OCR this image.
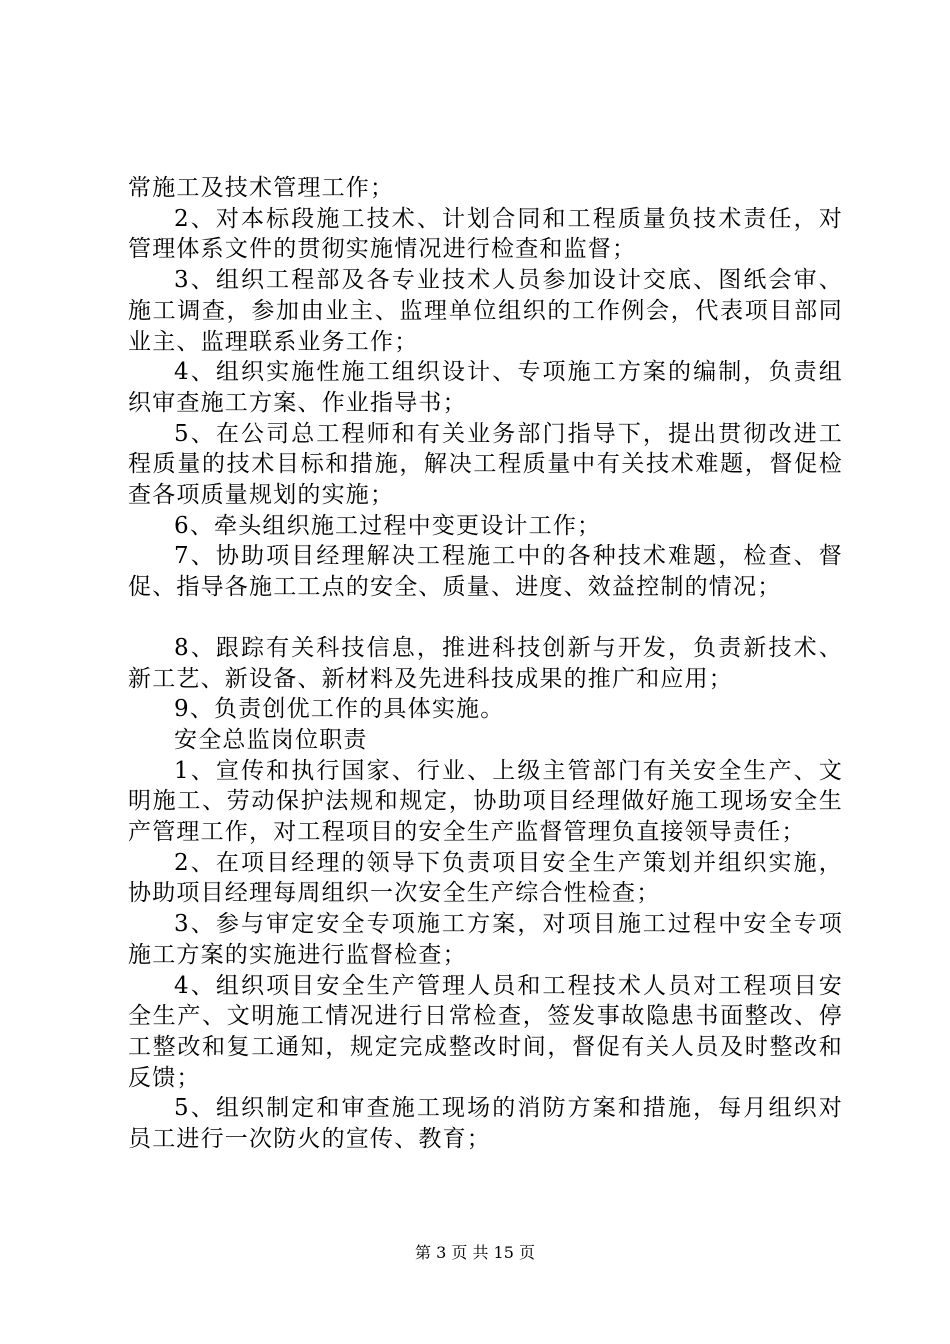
常施工及技术管理工作；

2、对本标段施工技术、计划合同和工程质量负技术责任，对管理体系文件的贯彻实施情况进行检查和监督；

3、组织工程部及各专业技术人员参加设计交底、图纸会审、施工调查，参加由业主、监理单位组织的工作例会，代表项目部同业主、监理联系业务工作；

4、组织实施性施工组织设计、专项施工方案的编制，负责组织审查施工方案、作业指导书；

5、在公司总工程师和有关业务部门指导下，提出贯彻改进工程质量的技术目标和措施，解决工程质量中有关技术难题，督促检查各项质量规划的实施；

6、牵头组织施工过程中变更设计工作；

7、协助项目经理解决工程施工中的各种技术难题，检查、督促、指导各施工工点的安全、质量、进度、效益控制的情况；

8、跟踪有关科技信息，推进科技创新与开发，负责新技术、新工艺、新设备、新材料及先进科技成果的推广和应用；

9、负责创优工作的具体实施。

安全总监岗位职责

1、宣传和执行国家、行业、上级主管部门有关安全生产、文明施工、劳动保护法规和规定，协助项目经理做好施工现场安全生产管理工作，对工程项目的安全生产监督管理负直接领导责任；

2、在项目经理的领导下负责项目安全生产策划并组织实施，协助项目经理每周组织一次安全生产综合性检查；

3、参与审定安全专项施工方案，对项目施工过程中安全专项施工方案的实施进行监督检查；

4、组织项目安全生产管理人员和工程技术人员对工程项目安全生产、文明施工情况进行日常检查，签发事故隐患书面整改、停工整改和复工通知，规定完成整改时间，督促有关人员及时整改和反馈；

5、组织制定和审查施工现场的消防方案和措施，每月组织对员工进行一次防火的宣传、教育；

第 3 页 共 15 页
